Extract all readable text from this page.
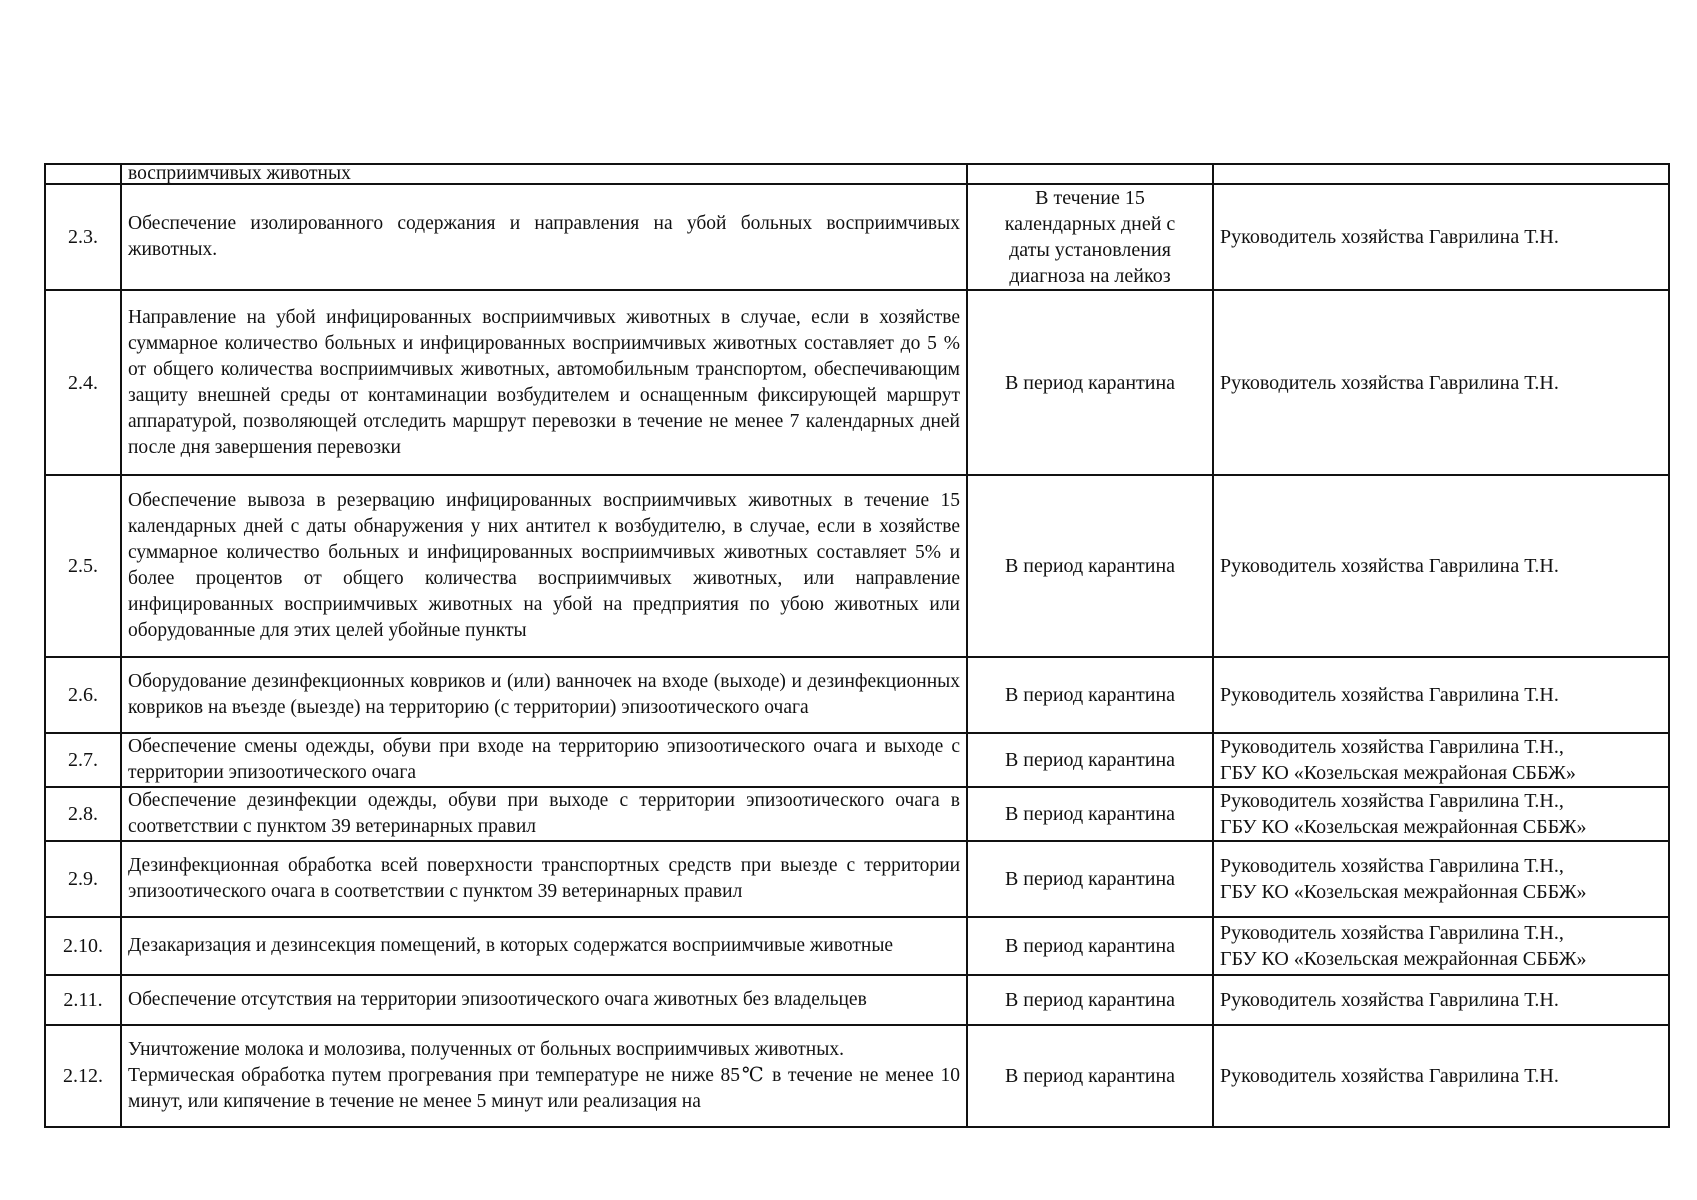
	восприимчивых животных		

2.3.	Обеспечение изолированного содержания и направления на убой больных восприимчивых животных.	В течение 15
календарных дней с
даты установления
диагноза на лейкоз	Руководитель хозяйства Гаврилина Т.Н.

2.4.	Направление на убой инфицированных восприимчивых животных в случае, если в хозяйстве суммарное количество больных и инфицированных восприимчивых животных составляет до 5 % от общего количества восприимчивых животных, автомобильным транспортом, обеспечивающим защиту внешней среды от контаминации возбудителем и оснащенным фиксирующей маршрут аппаратурой, позволяющей отследить маршрут перевозки в течение не менее 7 календарных дней после дня завершения перевозки	В период карантина	Руководитель хозяйства Гаврилина Т.Н.

2.5.	Обеспечение вывоза в резервацию инфицированных восприимчивых животных в течение 15 календарных дней с даты обнаружения у них антител к возбудителю, в случае, если в хозяйстве суммарное количество больных и инфицированных восприимчивых животных составляет 5% и более процентов от общего количества восприимчивых животных, или направление инфицированных восприимчивых животных на убой на предприятия по убою животных или оборудованные для этих целей убойные пункты	В период карантина	Руководитель хозяйства Гаврилина Т.Н.

2.6.	Оборудование дезинфекционных ковриков и (или) ванночек на входе (выходе) и дезинфекционных ковриков на въезде (выезде) на территорию (с территории) эпизоотического очага	В период карантина	Руководитель хозяйства Гаврилина Т.Н.

2.7.	Обеспечение смены одежды, обуви при входе на территорию эпизоотического очага и выходе с территории эпизоотического очага	В период карантина	Руководитель хозяйства Гаврилина Т.Н.,
ГБУ КО «Козельская межрайоная СББЖ»

2.8.	Обеспечение дезинфекции одежды, обуви при выходе с территории эпизоотического очага в соответствии с пунктом 39 ветеринарных правил	В период карантина	Руководитель хозяйства Гаврилина Т.Н.,
ГБУ КО «Козельская межрайонная СББЖ»

2.9.	Дезинфекционная обработка всей поверхности транспортных средств при выезде с территории эпизоотического очага в соответствии с пунктом 39 ветеринарных правил	В период карантина	Руководитель хозяйства Гаврилина Т.Н.,
ГБУ КО «Козельская межрайонная СББЖ»

2.10.	Дезакаризация и дезинсекция помещений, в которых содержатся восприимчивые животные	В период карантина	Руководитель хозяйства Гаврилина Т.Н.,
ГБУ КО «Козельская межрайонная СББЖ»

2.11.	Обеспечение отсутствия на территории эпизоотического очага животных без владельцев	В период карантина	Руководитель хозяйства Гаврилина Т.Н.

2.12.	Уничтожение молока и молозива, полученных от больных восприимчивых животных.
Термическая обработка путем прогревания при температуре не ниже 85℃ в течение не менее 10 минут, или кипячение в течение не менее 5 минут или реализация на	В период карантина	Руководитель хозяйства Гаврилина Т.Н.
